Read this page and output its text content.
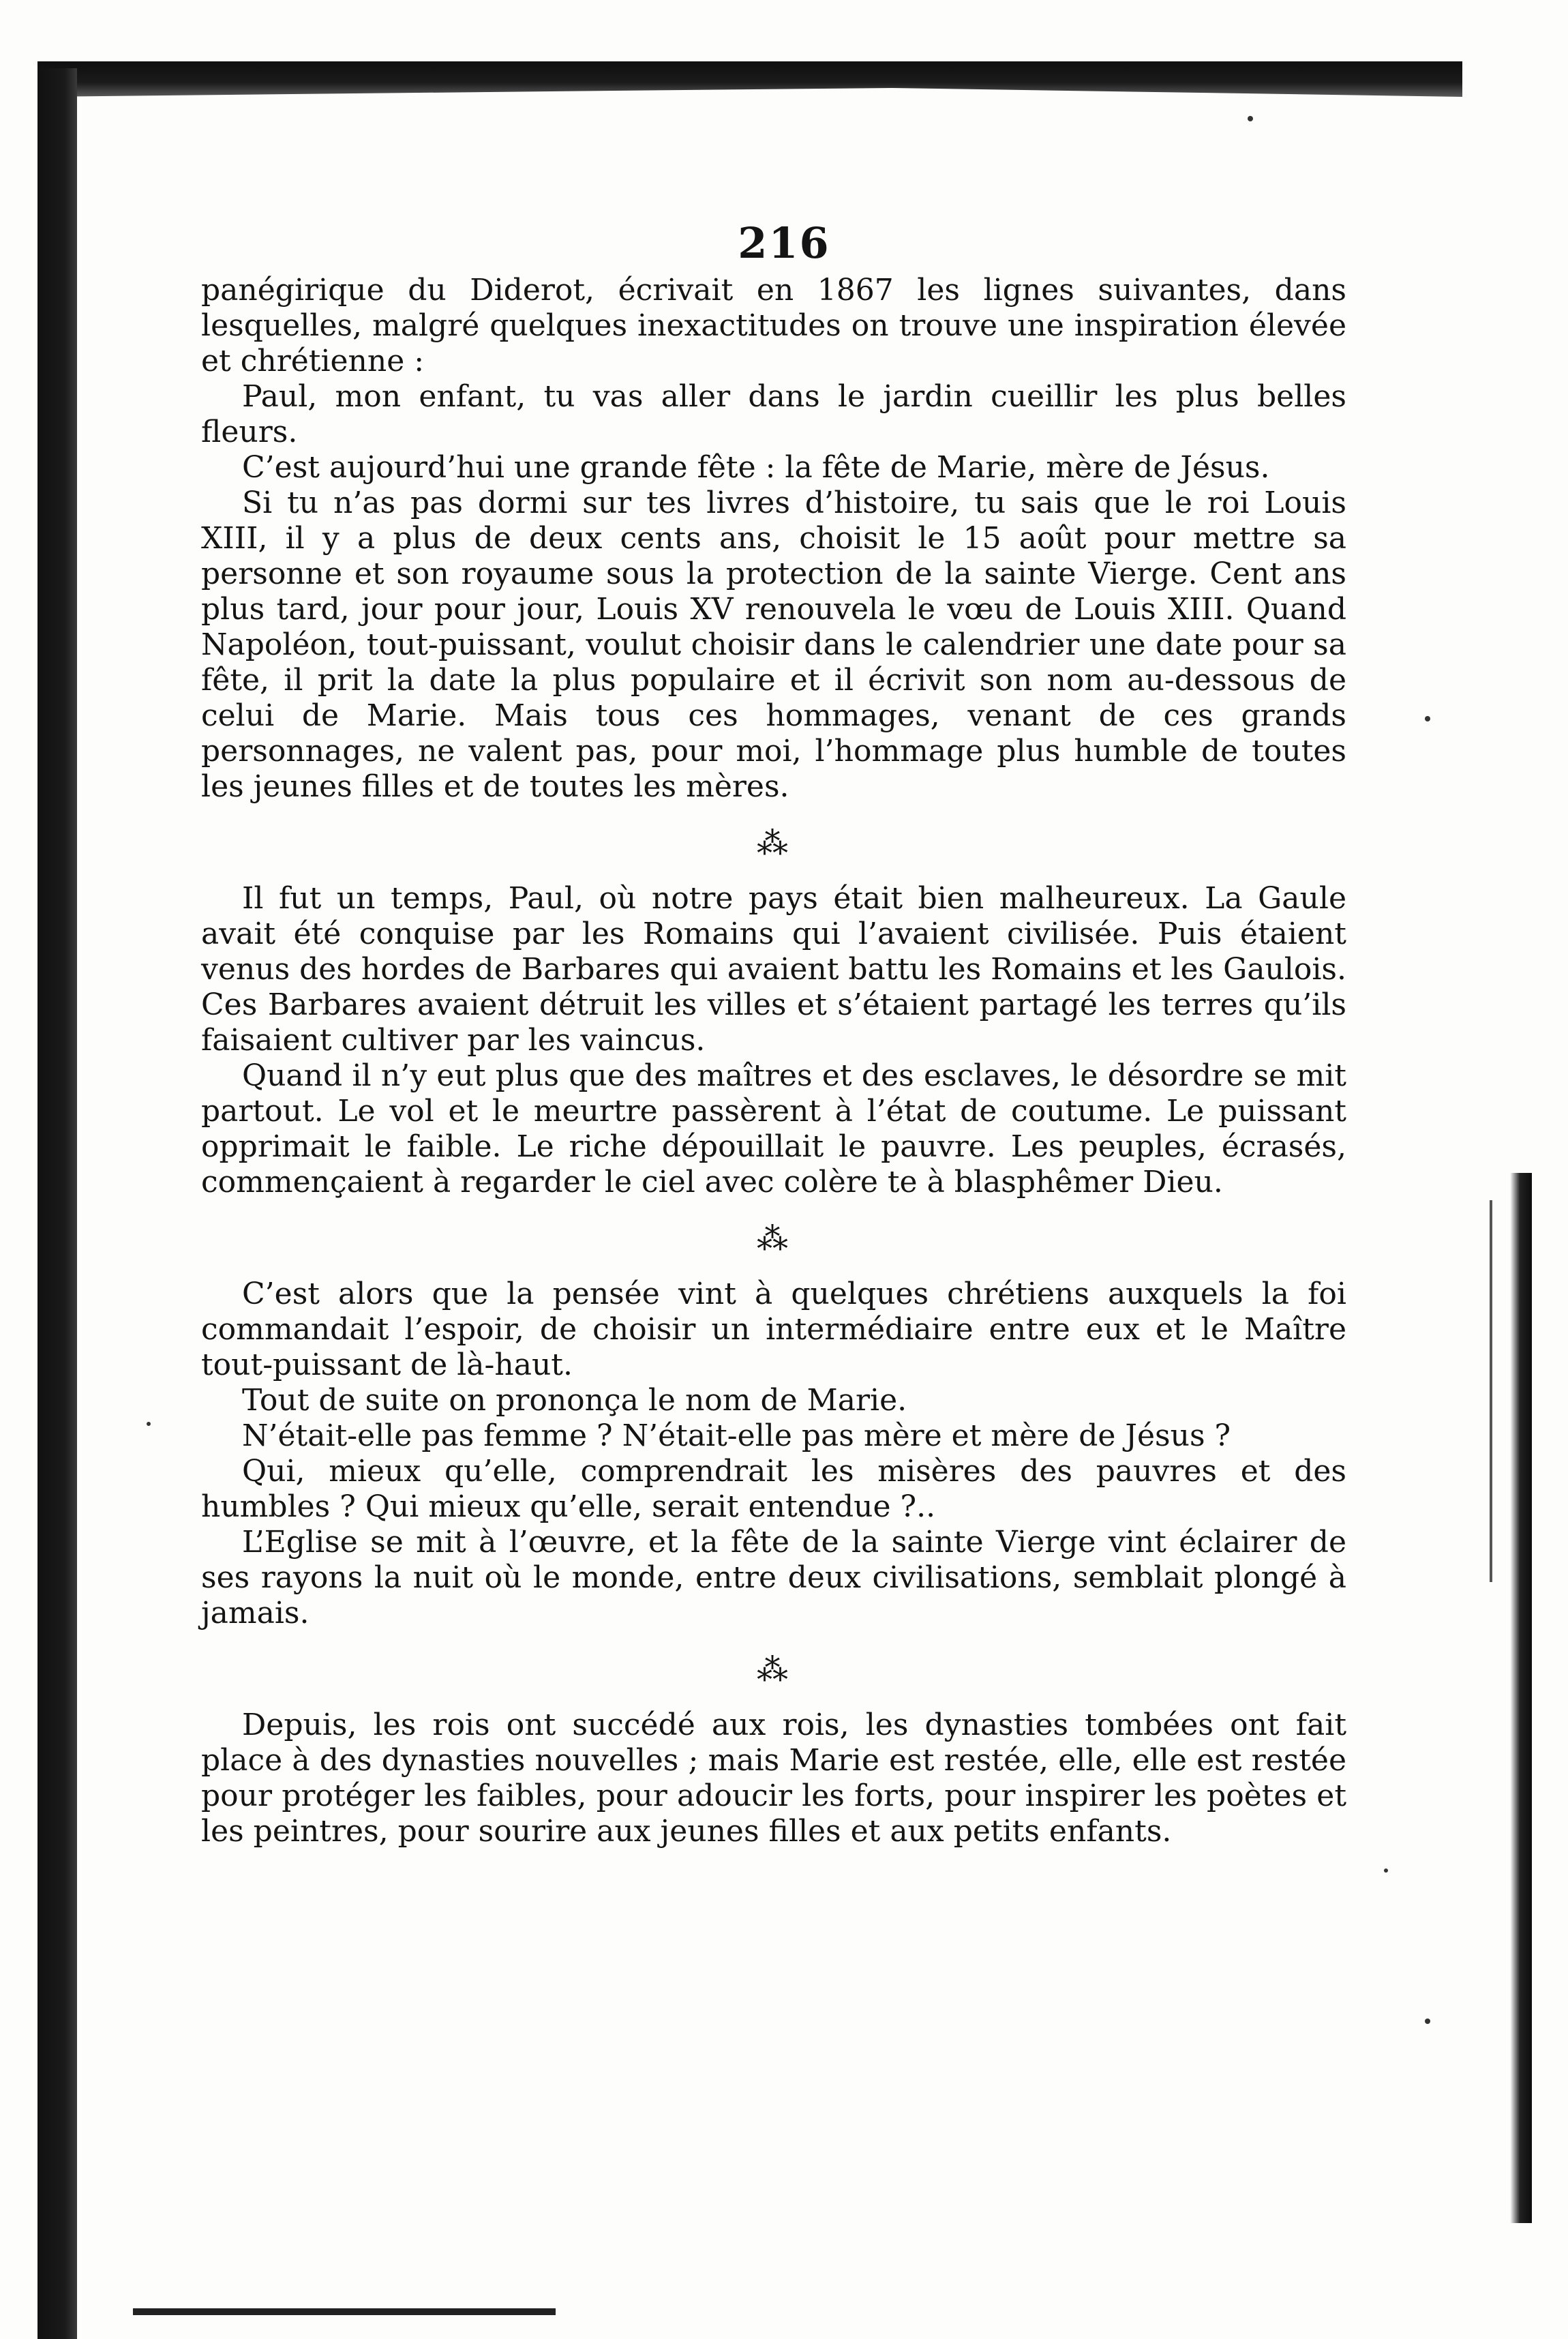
216

panégirique du Diderot, écrivait en 1867 les lignes suivantes, dans lesquelles, malgré quelques inexactitudes on trouve une inspiration élevée et chrétienne :

Paul, mon enfant, tu vas aller dans le jardin cueillir les plus belles fleurs.

C’est aujourd’hui une grande fête : la fête de Marie, mère de Jésus.

Si tu n’as pas dormi sur tes livres d’histoire, tu sais que le roi Louis XIII, il y a plus de deux cents ans, choisit le 15 août pour mettre sa personne et son royaume sous la protection de la sainte Vierge. Cent ans plus tard, jour pour jour, Louis XV renouvela le vœu de Louis XIII. Quand Napoléon, tout-puissant, voulut choisir dans le calendrier une date pour sa fête, il prit la date la plus populaire et il écrivit son nom au-dessous de celui de Marie. Mais tous ces hommages, venant de ces grands personnages, ne valent pas, pour moi, l’hommage plus humble de toutes les jeunes filles et de toutes les mères.

⁂

Il fut un temps, Paul, où notre pays était bien malheureux. La Gaule avait été conquise par les Romains qui l’avaient civilisée. Puis étaient venus des hordes de Barbares qui avaient battu les Romains et les Gaulois. Ces Barbares avaient détruit les villes et s’étaient partagé les terres qu’ils faisaient cultiver par les vaincus.

Quand il n’y eut plus que des maîtres et des esclaves, le désordre se mit partout. Le vol et le meurtre passèrent à l’état de coutume. Le puissant opprimait le faible. Le riche dépouillait le pauvre. Les peuples, écrasés, commençaient à regarder le ciel avec colère te à blasphêmer Dieu.

⁂

C’est alors que la pensée vint à quelques chrétiens auxquels la foi commandait l’espoir, de choisir un intermédiaire entre eux et le Maître tout-puissant de là-haut.

Tout de suite on prononça le nom de Marie.

N’était-elle pas femme ? N’était-elle pas mère et mère de Jésus ?

Qui, mieux qu’elle, comprendrait les misères des pauvres et des humbles ? Qui mieux qu’elle, serait entendue ?..

L’Eglise se mit à l’œuvre, et la fête de la sainte Vierge vint éclairer de ses rayons la nuit où le monde, entre deux civilisations, semblait plongé à jamais.

⁂

Depuis, les rois ont succédé aux rois, les dynasties tombées ont fait place à des dynasties nouvelles ; mais Marie est restée, elle, elle est restée pour protéger les faibles, pour adoucir les forts, pour inspirer les poètes et les peintres, pour sourire aux jeunes filles et aux petits enfants.
